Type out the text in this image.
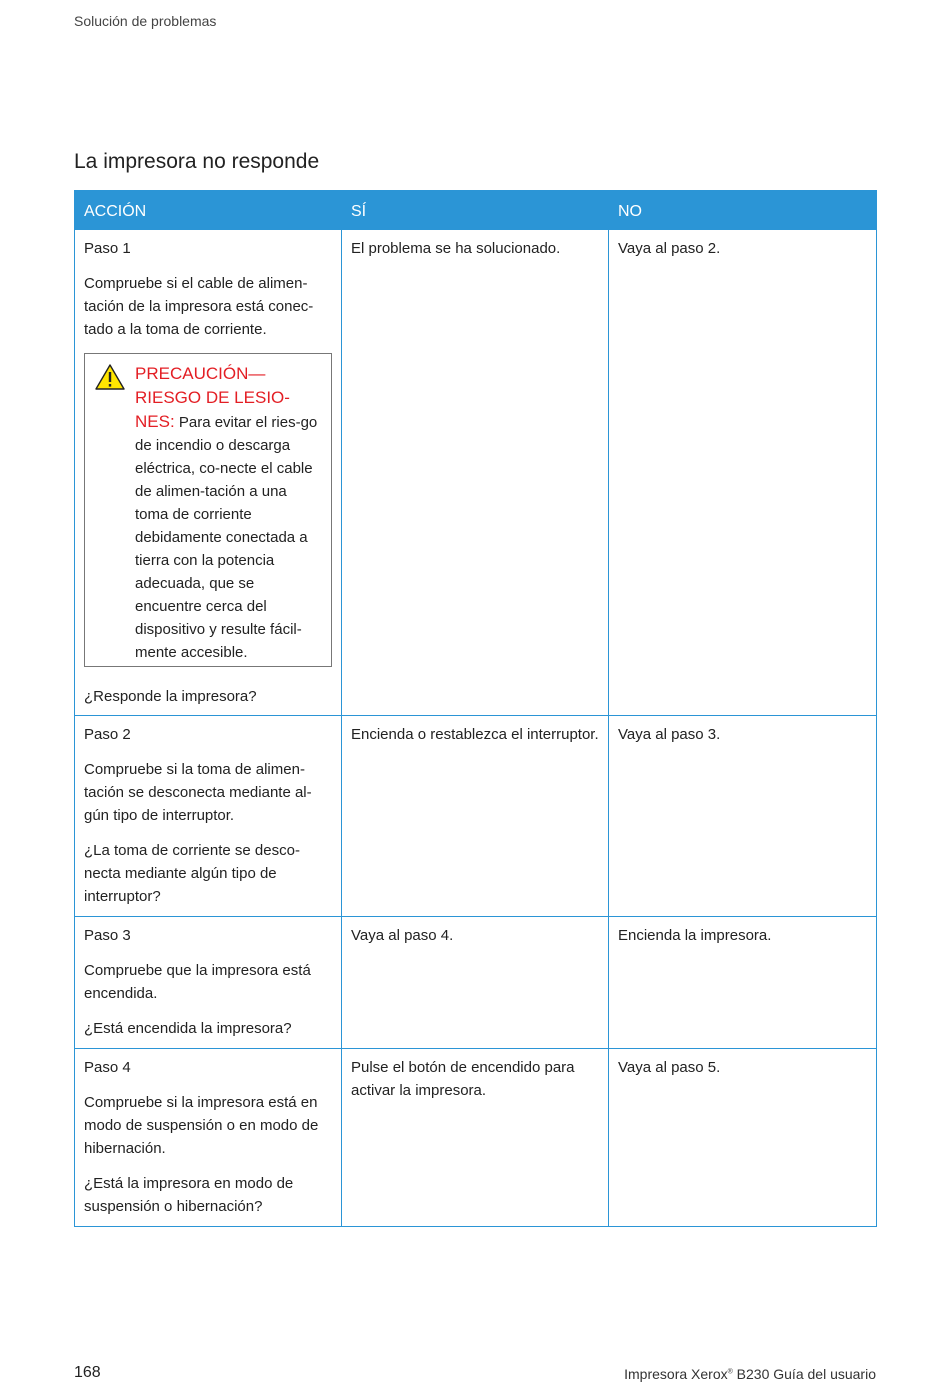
Solución de problemas
La impresora no responde
ACCIÓN	SÍ	NO

Paso 1

Compruebe si el cable de alimen-tación de la impresora está conec-tado a la toma de corriente.

PRECAUCIÓN—RIESGO DE LESIO-NES: Para evitar el ries-go de incendio o descarga eléctrica, co-necte el cable de alimen-tación a una toma de corriente debidamente conectada a tierra con la potencia adecuada, que se encuentre cerca del dispositivo y resulte fácil-mente accesible.

¿Responde la impresora?	El problema se ha solucionado.	Vaya al paso 2.

Paso 2

Compruebe si la toma de alimen-tación se desconecta mediante al-gún tipo de interruptor.

¿La toma de corriente se desco-necta mediante algún tipo de interruptor?	Encienda o restablezca el interruptor.	Vaya al paso 3.

Paso 3

Compruebe que la impresora está encendida.

¿Está encendida la impresora?	Vaya al paso 4.	Encienda la impresora.

Paso 4

Compruebe si la impresora está en modo de suspensión o en modo de hibernación.

¿Está la impresora en modo de suspensión o hibernación?	Pulse el botón de encendido para activar la impresora.	Vaya al paso 5.
168	Impresora Xerox® B230 Guía del usuario
